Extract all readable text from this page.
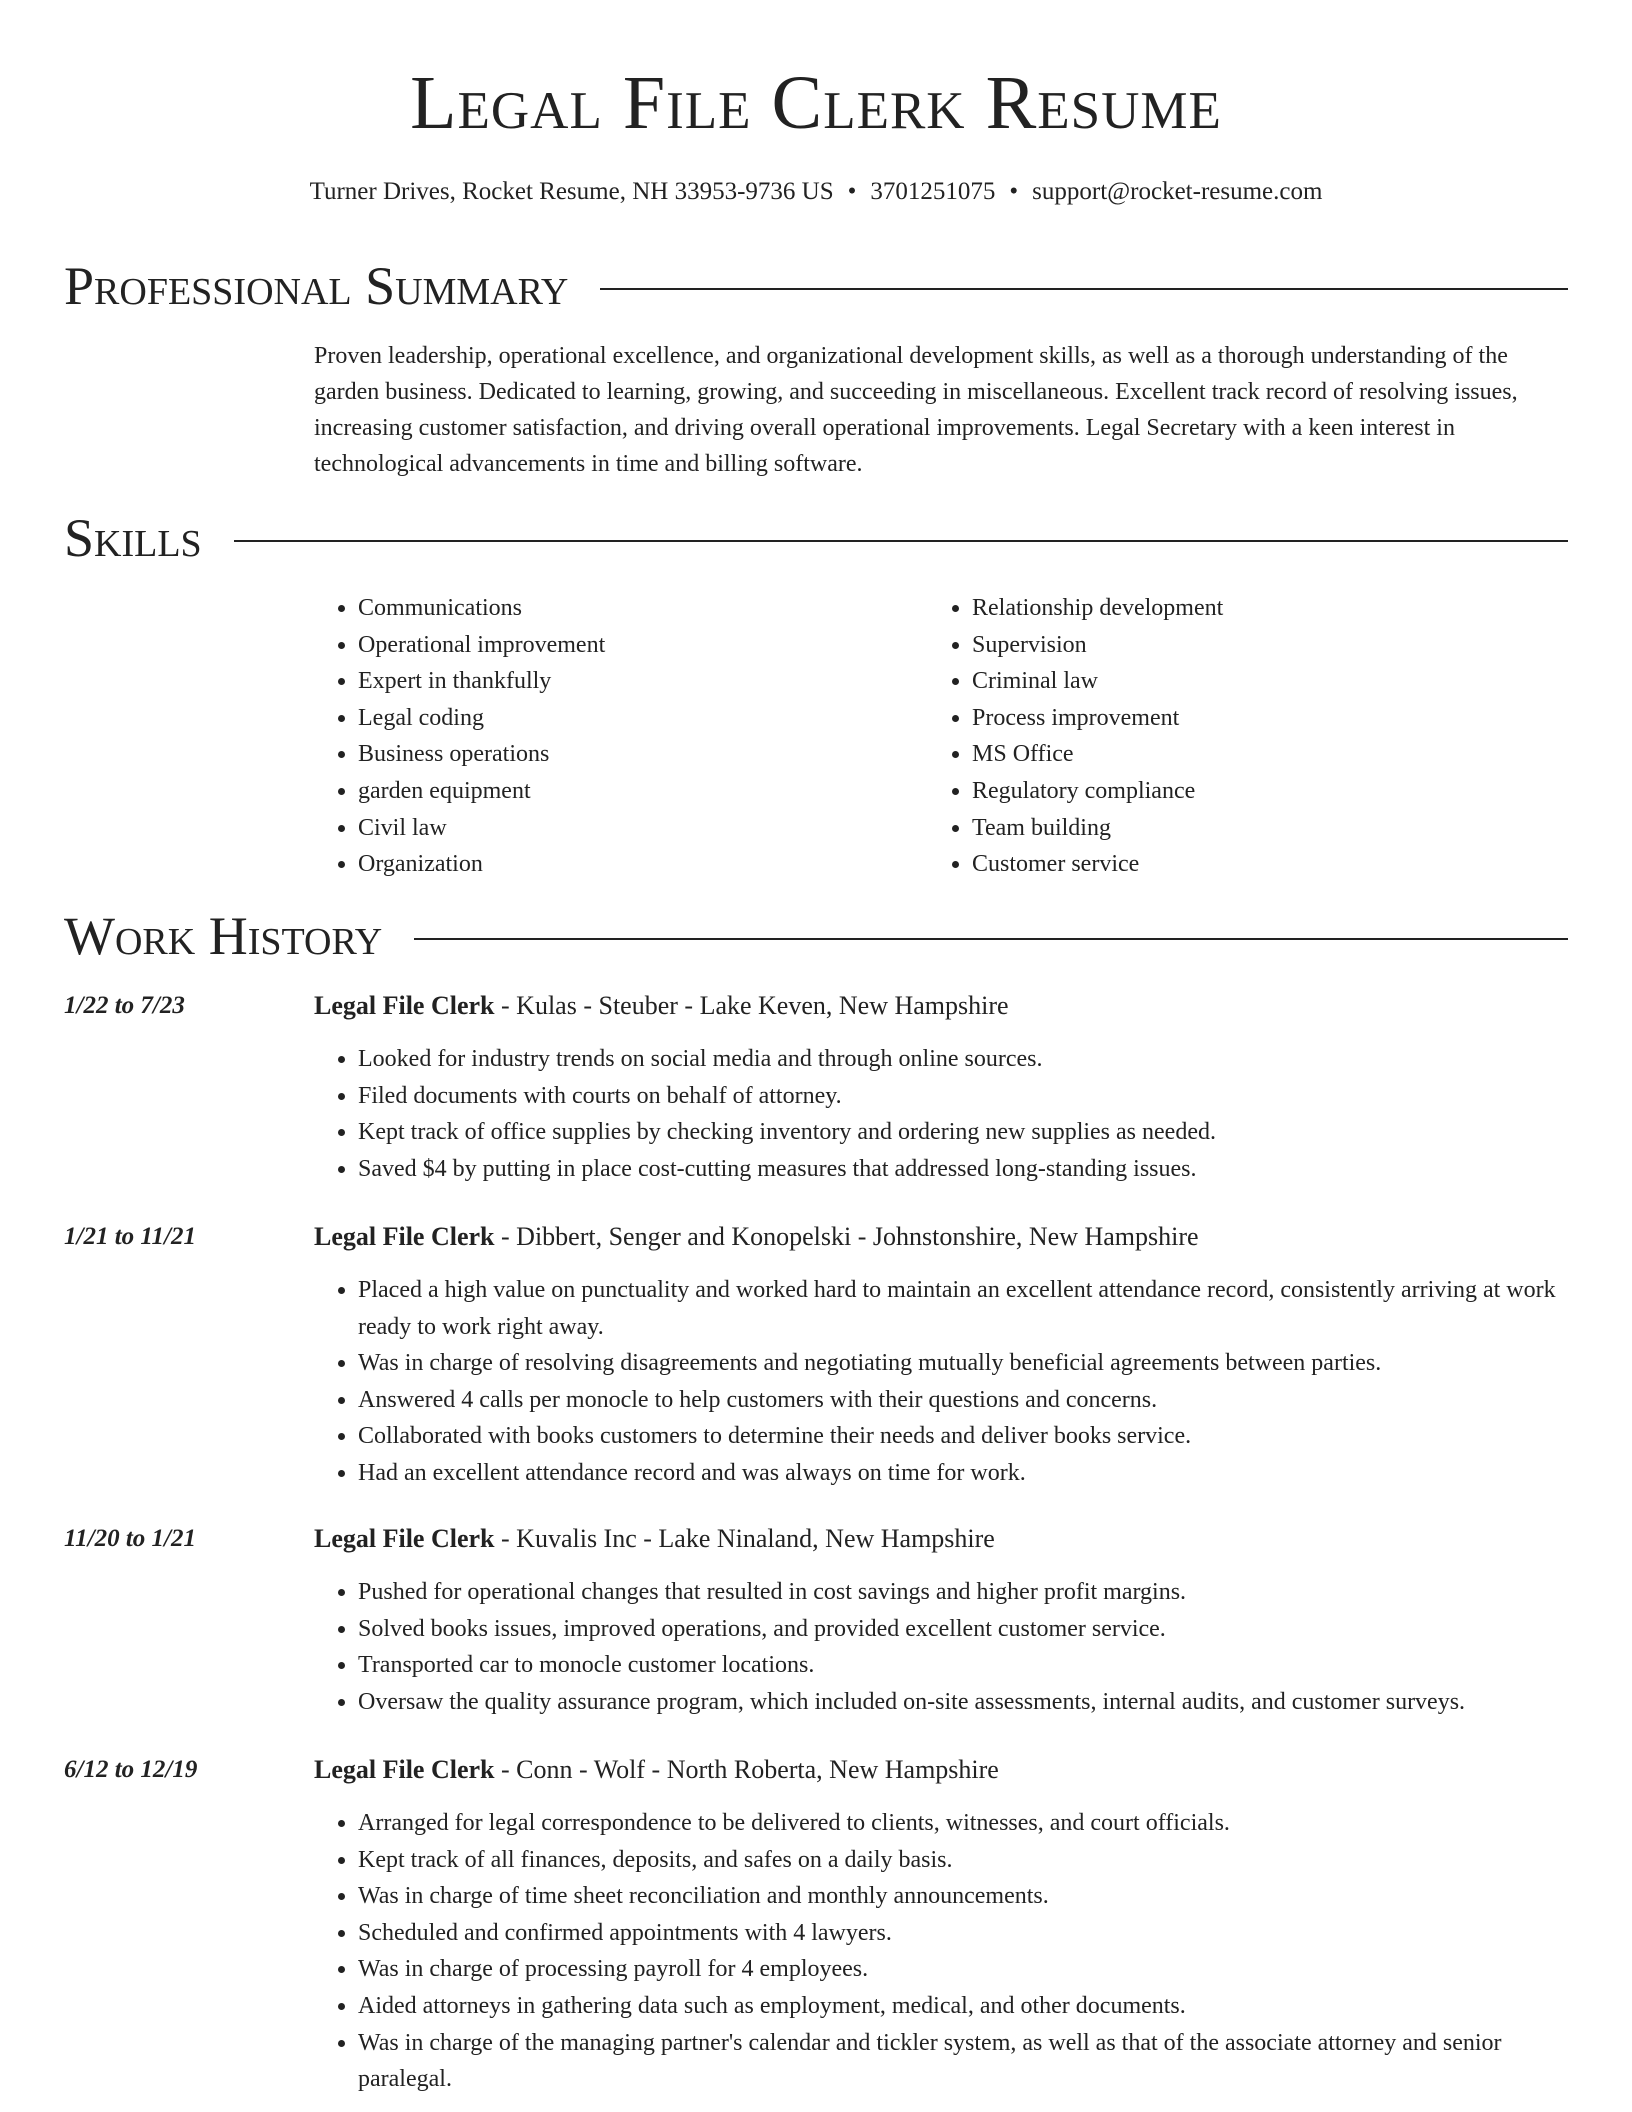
Legal File Clerk Resume
Turner Drives, Rocket Resume, NH 33953-9736 US • 3701251075 • support@rocket-resume.com
Professional Summary

Proven leadership, operational excellence, and organizational development skills, as well as a thorough understanding of the garden business. Dedicated to learning, growing, and succeeding in miscellaneous. Excellent track record of resolving issues, increasing customer satisfaction, and driving overall operational improvements. Legal Secretary with a keen interest in technological advancements in time and billing software.

Skills
• Communications
• Operational improvement
• Expert in thankfully
• Legal coding
• Business operations
• garden equipment
• Civil law
• Organization
• Relationship development
• Supervision
• Criminal law
• Process improvement
• MS Office
• Regulatory compliance
• Team building
• Customer service
Work History
1/22 to 7/23	Legal File Clerk - Kulas - Steuber - Lake Keven, New Hampshire
• Looked for industry trends on social media and through online sources.
• Filed documents with courts on behalf of attorney.
• Kept track of office supplies by checking inventory and ordering new supplies as needed.
• Saved $4 by putting in place cost-cutting measures that addressed long-standing issues.
1/21 to 11/21	Legal File Clerk - Dibbert, Senger and Konopelski - Johnstonshire, New Hampshire
• Placed a high value on punctuality and worked hard to maintain an excellent attendance record, consistently arriving at work ready to work right away.
• Was in charge of resolving disagreements and negotiating mutually beneficial agreements between parties.
• Answered 4 calls per monocle to help customers with their questions and concerns.
• Collaborated with books customers to determine their needs and deliver books service.
• Had an excellent attendance record and was always on time for work.
11/20 to 1/21	Legal File Clerk - Kuvalis Inc - Lake Ninaland, New Hampshire
• Pushed for operational changes that resulted in cost savings and higher profit margins.
• Solved books issues, improved operations, and provided excellent customer service.
• Transported car to monocle customer locations.
• Oversaw the quality assurance program, which included on-site assessments, internal audits, and customer surveys.
6/12 to 12/19	Legal File Clerk - Conn - Wolf - North Roberta, New Hampshire
• Arranged for legal correspondence to be delivered to clients, witnesses, and court officials.
• Kept track of all finances, deposits, and safes on a daily basis.
• Was in charge of time sheet reconciliation and monthly announcements.
• Scheduled and confirmed appointments with 4 lawyers.
• Was in charge of processing payroll for 4 employees.
• Aided attorneys in gathering data such as employment, medical, and other documents.
• Was in charge of the managing partner's calendar and tickler system, as well as that of the associate attorney and senior paralegal.
